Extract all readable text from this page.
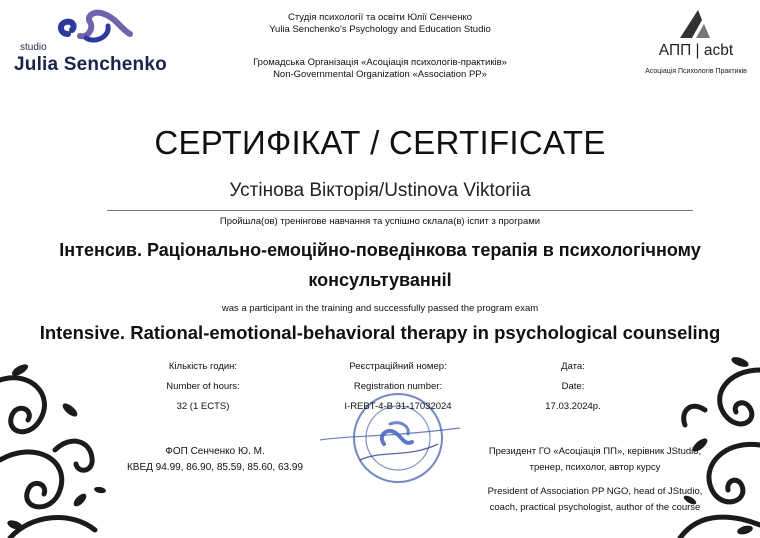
studio
Julia Senchenko
Студія психології та освіти Юлії Сенченко
Yulia Senchenko's Psychology and Education Studio
Громадська Організація «Асоціація психологів-практиків»
Non-Governmental Organization «Association PP»
АПП | acbt
Асоціація Психологів Практиків
СЕРТИФІКАТ / CERTIFICATE
Устінова Вікторія/Ustinova Viktoriia
Пройшла(ов) тренінгове навчання та успішно склала(в) іспит з програми
Інтенсив. Раціонально-емоційно-поведінкова терапія в психологічному
консультуванніl
was a participant in the training and successfully passed the program exam
Intensive. Rational-emotional-behavioral therapy in psychological counseling
Кількість годин:
Number of hours:
32 (1 ECTS)
Реєстраційний номер:
Registration number:
I-REBT-4-В 31-17032024
Дата:
Date:
17.03.2024р.
ФОП Сенченко Ю. М.
КВЕД 94.99, 86.90, 85.59, 85.60, 63.99
Президент ГО «Асоціація ПП», керівник JStudio,
тренер, психолог, автор курсу
President of Association PP NGO, head of JStudio,
coach, practical psychologist, author of the course
